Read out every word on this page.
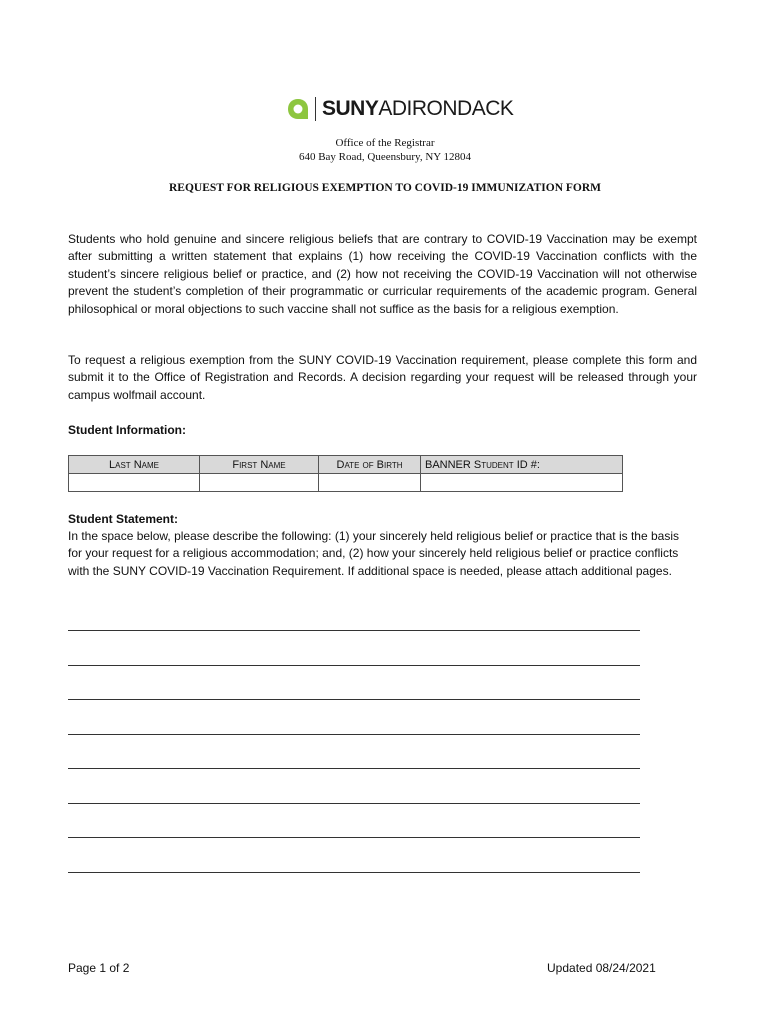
SUNYADIRONDACK
Office of the Registrar
640 Bay Road, Queensbury, NY 12804
REQUEST FOR RELIGIOUS EXEMPTION TO COVID-19 IMMUNIZATION FORM
Students who hold genuine and sincere religious beliefs that are contrary to COVID-19 Vaccination may be exempt after submitting a written statement that explains (1) how receiving the COVID-19 Vaccination conflicts with the student’s sincere religious belief or practice, and (2) how not receiving the COVID-19 Vaccination will not otherwise prevent the student’s completion of their programmatic or curricular requirements of the academic program. General philosophical or moral objections to such vaccine shall not suffice as the basis for a religious exemption.
To request a religious exemption from the SUNY COVID-19 Vaccination requirement, please complete this form and submit it to the Office of Registration and Records. A decision regarding your request will be released through your campus wolfmail account.
Student Information:
Last Name	First Name	Date of Birth	BANNER Student ID #:

Student Statement:
In the space below, please describe the following: (1) your sincerely held religious belief or practice that is the basis for your request for a religious accommodation; and, (2) how your sincerely held religious belief or practice conflicts with the SUNY COVID-19 Vaccination Requirement. If additional space is needed, please attach additional pages.
Page 1 of 2	Updated 08/24/2021
